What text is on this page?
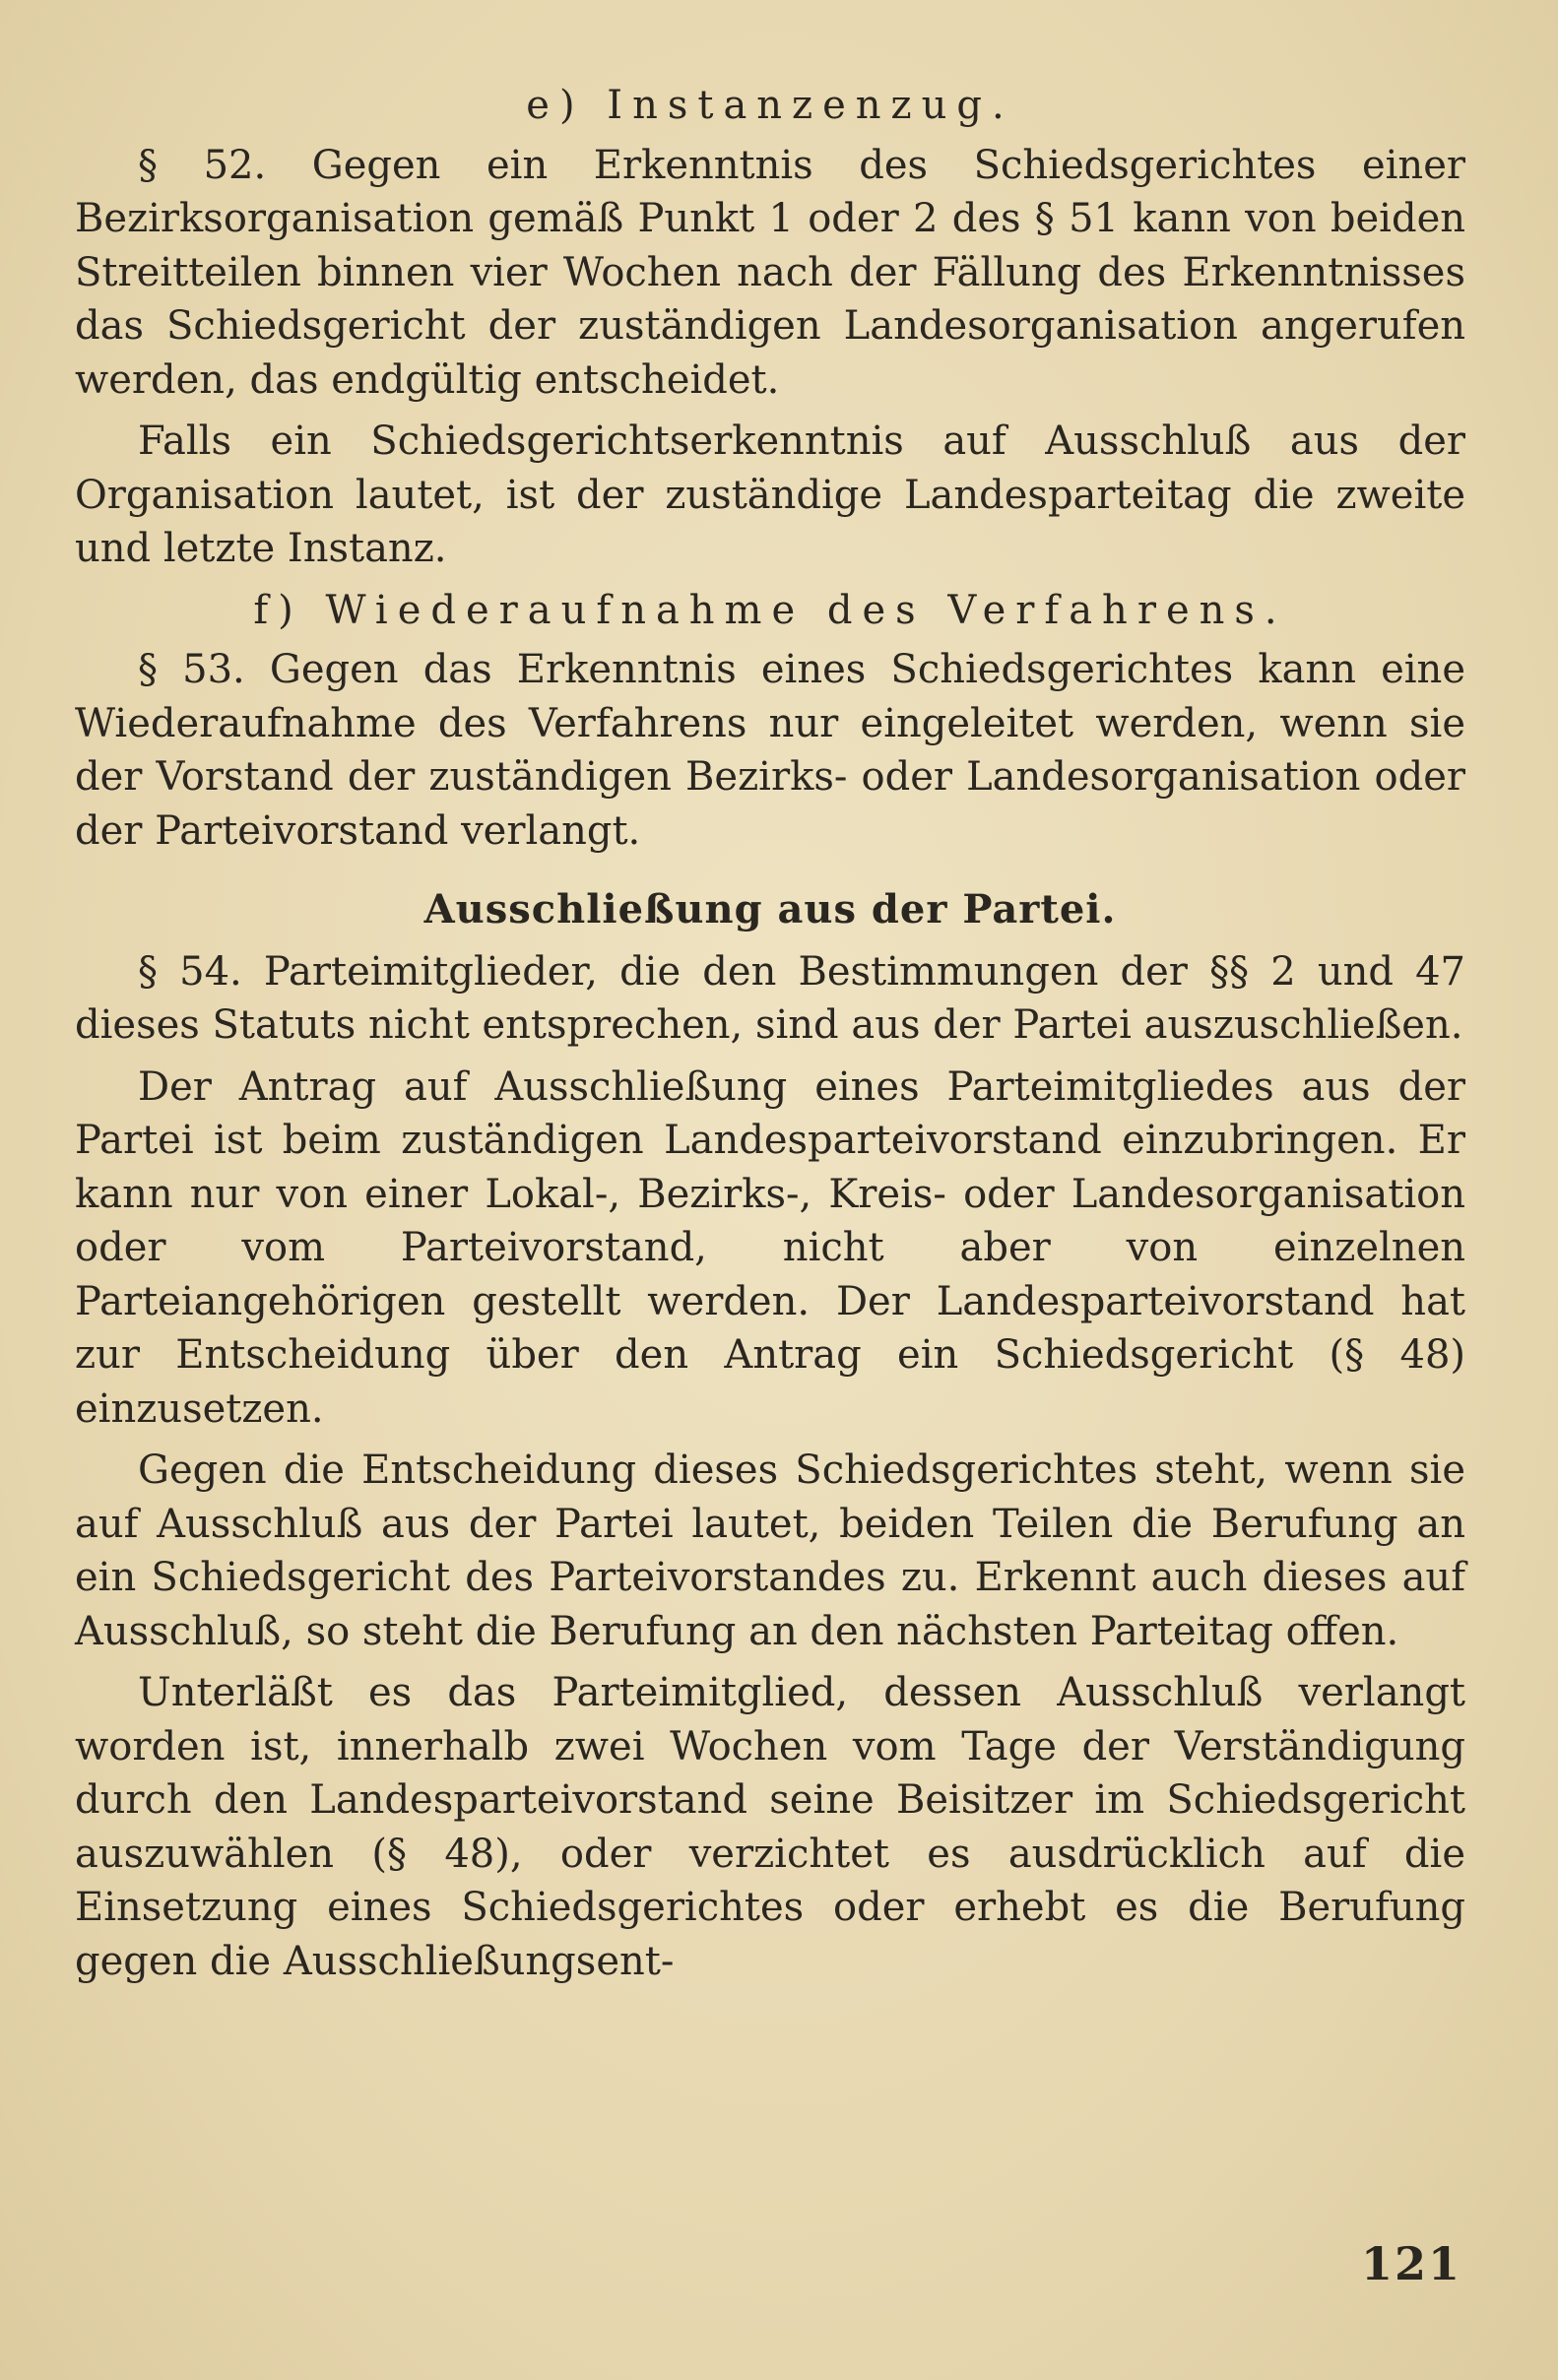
e) Instanzenzug.

§ 52. Gegen ein Erkenntnis des Schiedsgerichtes einer Bezirksorganisation gemäß Punkt 1 oder 2 des § 51 kann von beiden Streitteilen binnen vier Wochen nach der Fällung des Erkenntnisses das Schiedsgericht der zuständigen Landesorganisation angerufen werden, das endgültig entscheidet.

Falls ein Schiedsgerichtserkenntnis auf Ausschluß aus der Organisation lautet, ist der zuständige Landesparteitag die zweite und letzte Instanz.

f) Wiederaufnahme des Verfahrens.

§ 53. Gegen das Erkenntnis eines Schiedsgerichtes kann eine Wiederaufnahme des Verfahrens nur eingeleitet werden, wenn sie der Vorstand der zuständigen Bezirks- oder Landesorganisation oder der Parteivorstand verlangt.

Ausschließung aus der Partei.

§ 54. Parteimitglieder, die den Bestimmungen der §§ 2 und 47 dieses Statuts nicht entsprechen, sind aus der Partei auszuschließen.

Der Antrag auf Ausschließung eines Parteimitgliedes aus der Partei ist beim zuständigen Landesparteivorstand einzubringen. Er kann nur von einer Lokal-, Bezirks-, Kreis- oder Landesorganisation oder vom Parteivorstand, nicht aber von einzelnen Parteiangehörigen gestellt werden. Der Landesparteivorstand hat zur Entscheidung über den Antrag ein Schiedsgericht (§ 48) einzusetzen.

Gegen die Entscheidung dieses Schiedsgerichtes steht, wenn sie auf Ausschluß aus der Partei lautet, beiden Teilen die Berufung an ein Schiedsgericht des Parteivorstandes zu. Erkennt auch dieses auf Ausschluß, so steht die Berufung an den nächsten Parteitag offen.

Unterläßt es das Parteimitglied, dessen Ausschluß verlangt worden ist, innerhalb zwei Wochen vom Tage der Verständigung durch den Landesparteivorstand seine Beisitzer im Schiedsgericht auszuwählen (§ 48), oder verzichtet es ausdrücklich auf die Einsetzung eines Schiedsgerichtes oder erhebt es die Berufung gegen die Ausschließungsent-

121
